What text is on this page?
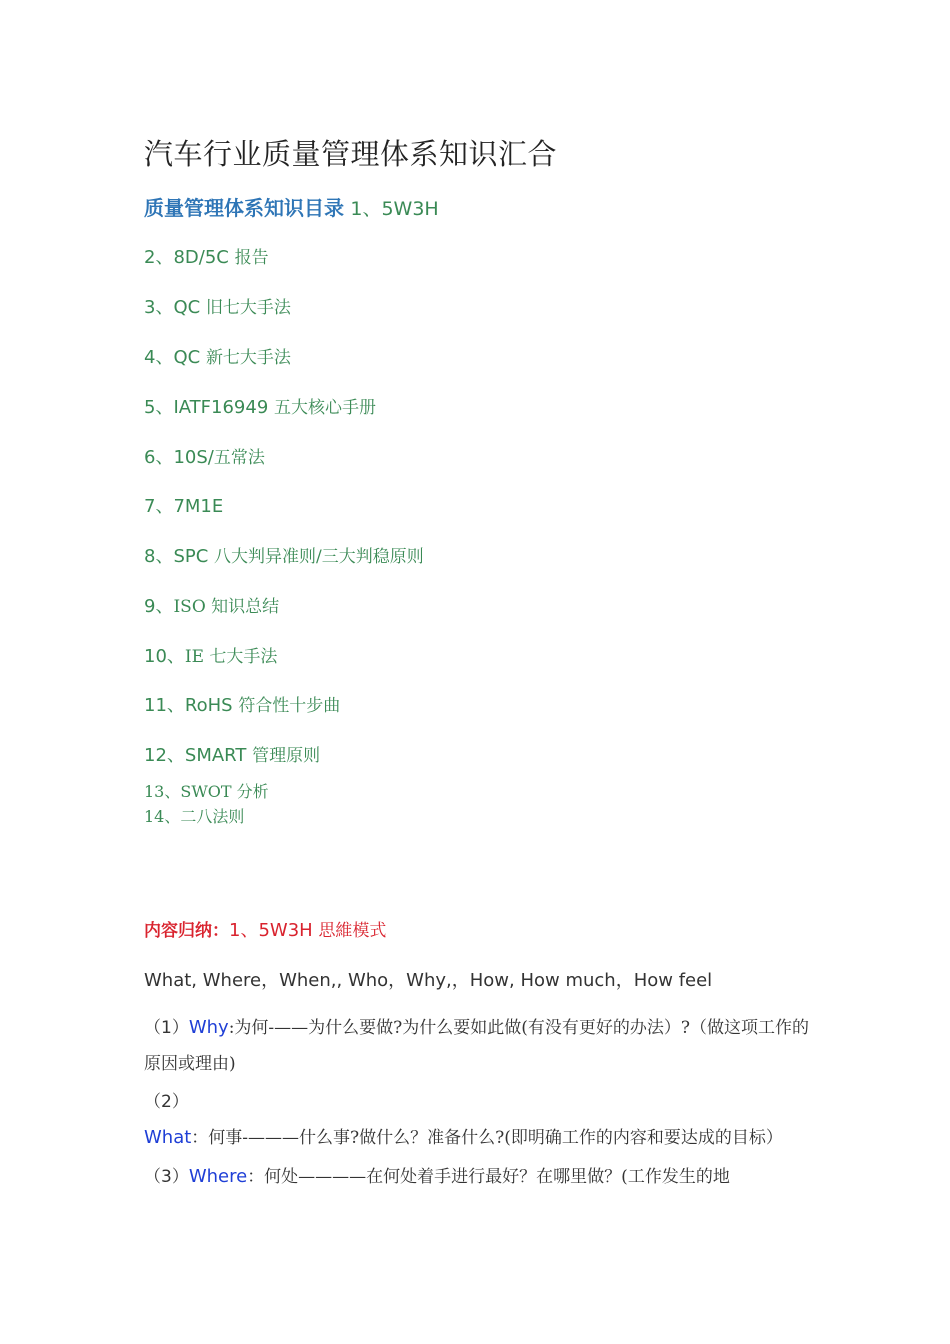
汽车行业质量管理体系知识汇合
质量管理体系知识目录 1、5W3H
2、8D/5C 报告
3、QC 旧七大手法
4、QC 新七大手法
5、IATF16949 五大核心手册
6、10S/五常法
7、7M1E
8、SPC 八大判异准则/三大判稳原则
9、ISO 知识总结
10、IE 七大手法
11、RoHS 符合性十步曲
12、SMART 管理原则
13、SWOT 分析
14、二八法则
内容归纳：1、5W3H 思維模式
What, Where，When,, Who，Why,，How, How much，How feel
（1）Why:为何-——为什么要做?为什么要如此做(有没有更好的办法）?（做这项工作的原因或理由)
（2）What：何事-———什么事?做什么？准备什么?(即明确工作的内容和要达成的目标）
（3）Where：何处————在何处着手进行最好？在哪里做？(工作发生的地
